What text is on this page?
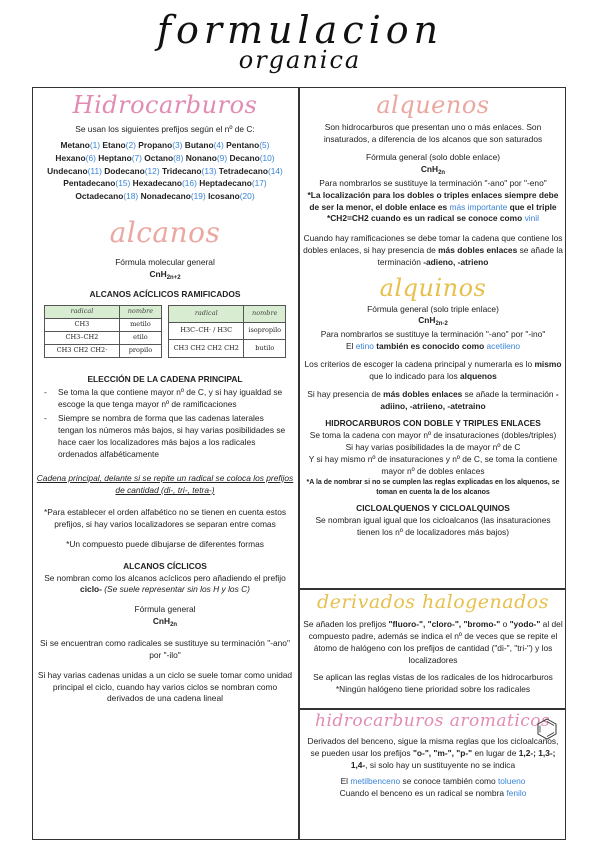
formulacion
organica
Hidrocarburos

Se usan los siguientes prefijos según el nº de C:

Metano(1) Etano(2) Propano(3) Butano(4) Pentano(5)
Hexano(6) Heptano(7) Octano(8) Nonano(9) Decano(10)
Undecano(11) Dodecano(12) Tridecano(13) Tetradecano(14)
Pentadecano(15) Hexadecano(16) Heptadecano(17)
Octadecano(18) Nonadecano(19) Icosano(20)
alcanos

Fórmula molecular general

CnH$_{2n+2}$

ALCANOS ACÍCLICOS RAMIFICADOS

radical	nombre
CH3	metilo
CH3–CH2	etilo
CH3 CH2 CH2·	propilo
radical	nombre
H3C–CH· / H3C	isopropilo
CH3 CH2 CH2 CH2	butilo

ELECCIÓN DE LA CADENA PRINCIPAL

-	Se toma la que contiene mayor nº de C, y si hay igualdad se escoge la que tenga mayor nº de ramificaciones
-	Siempre se nombra de forma que las cadenas laterales tengan los números más bajos, si hay varias posibilidades se hace caer los localizadores más bajos a los radicales ordenados alfabéticamente

Cadena principal, delante si se repite un radical se coloca los prefijos de cantidad (di-, tri-, tetra-)

*Para establecer el orden alfabético no se tienen en cuenta estos prefijos, si hay varios localizadores se separan entre comas

*Un compuesto puede dibujarse de diferentes formas

ALCANOS CÍCLICOS

Se nombran como los alcanos acíclicos pero añadiendo el prefijo ciclo- (Se suele representar sin los H y los C)

Fórmula general

CnH$_{2n}$

Si se encuentran como radicales se sustituye su terminación "-ano" por "-ilo"

Si hay varias cadenas unidas a un ciclo se suele tomar como unidad principal el ciclo, cuando hay varios ciclos se nombran como derivados de una cadena lineal

alquenos

Son hidrocarburos que presentan uno o más enlaces. Son insaturados, a diferencia de los alcanos que son saturados

Fórmula general (solo doble enlace)

CnH$_{2n}$

Para nombrarlos se sustituye la terminación "-ano" por "-eno"

*La localización para los dobles o triples enlaces siempre debe de ser la menor, el doble enlace es más importante que el triple

*CH2=CH2 cuando es un radical se conoce como vinil

Cuando hay ramificaciones se debe tomar la cadena que contiene los dobles enlaces, si hay presencia de más dobles enlaces se añade la terminación -adieno, -atrieno

alquinos

Fórmula general (solo triple enlace)

CnH$_{2n-2}$

Para nombrarlos se sustituye la terminación "-ano" por "-ino"

El etino también es conocido como acetileno

Los criterios de escoger la cadena principal y numerarla es lo mismo que lo indicado para los alquenos

Si hay presencia de más dobles enlaces se añade la terminación -adiino, -atriieno, -atetraino

HIDROCARBUROS CON DOBLE Y TRIPLES ENLACES

Se toma la cadena con mayor nº de insaturaciones (dobles/triples)

Si hay varias posibilidades la de mayor nº de C

Y si hay mismo nº de insaturaciones y nº de C, se toma la contiene mayor nº de dobles enlaces

*A la de nombrar si no se cumplen las reglas explicadas en los alquenos, se toman en cuenta la de los alcanos

CICLOALQUENOS Y CICLOALQUINOS

Se nombran igual igual que los cicloalcanos (las insaturaciones tienen los nº de localizadores más bajos)

derivados halogenados

Se añaden los prefijos "fluoro-", "cloro-", "bromo-" o "yodo-" al del compuesto padre, además se indica el nº de veces que se repite el átomo de halógeno con los prefijos de cantidad ("di-", "tri-") y los localizadores

Se aplican las reglas vistas de los radicales de los hidrocarburos

*Ningún halógeno tiene prioridad sobre los radicales

hidrocarburos aromaticos

Derivados del benceno, sigue la misma reglas que los cicloalcanos, se pueden usar los prefijos "o-", "m-", "p-" en lugar de 1,2-; 1,3-; 1,4-, si solo hay un sustituyente no se indica

El metilbenceno se conoce también como tolueno

Cuando el benceno es un radical se nombra fenilo
